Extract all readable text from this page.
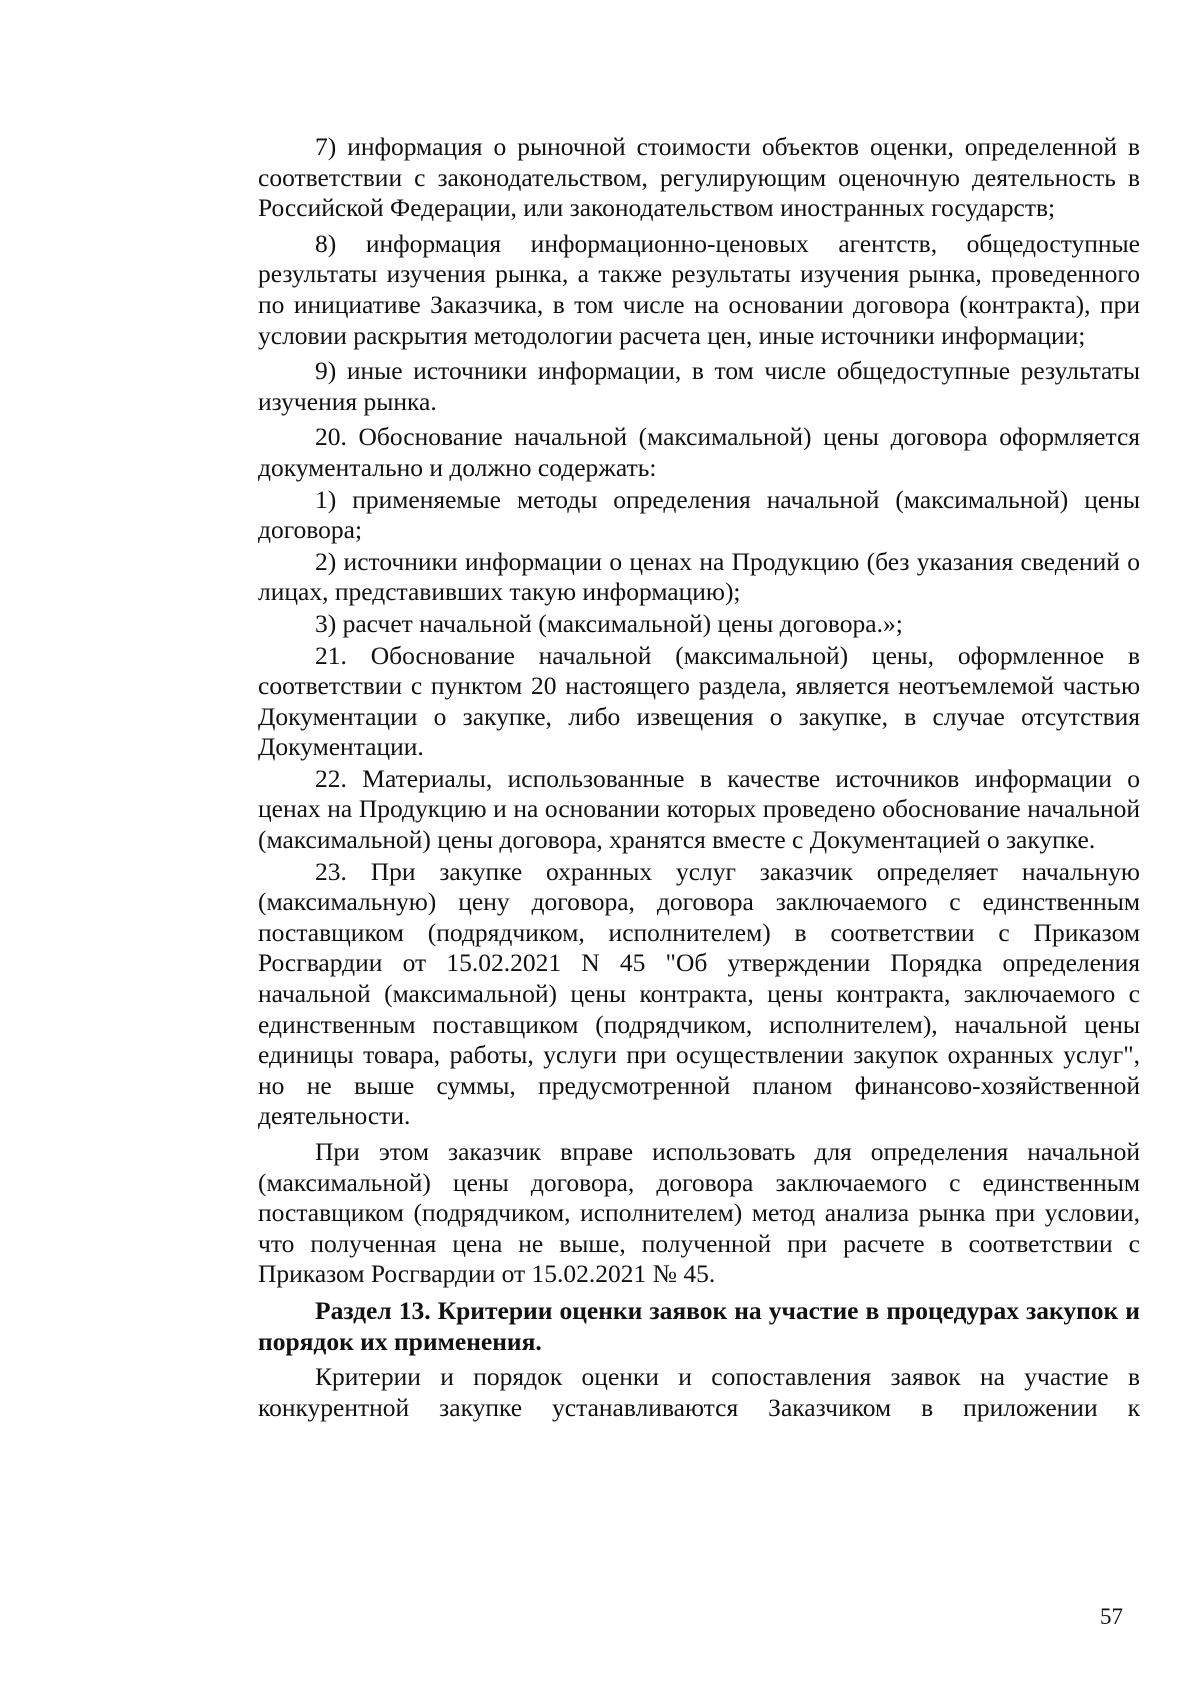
7) информация о рыночной стоимости объектов оценки, определенной в соответствии с законодательством, регулирующим оценочную деятельность в Российской Федерации, или законодательством иностранных государств;

8) информация информационно-ценовых агентств, общедоступные результаты изучения рынка, а также результаты изучения рынка, проведенного по инициативе Заказчика, в том числе на основании договора (контракта), при условии раскрытия методологии расчета цен, иные источники информации;

9) иные источники информации, в том числе общедоступные результаты изучения рынка.

20. Обоснование начальной (максимальной) цены договора оформляется документально и должно содержать:

1) применяемые методы определения начальной (максимальной) цены договора;

2) источники информации о ценах на Продукцию (без указания сведений о лицах, представивших такую информацию);

3) расчет начальной (максимальной) цены договора.»;

21. Обоснование начальной (максимальной) цены, оформленное в соответствии с пунктом 20 настоящего раздела, является неотъемлемой частью Документации о закупке, либо извещения о закупке, в случае отсутствия Документации.

22. Материалы, использованные в качестве источников информации о ценах на Продукцию и на основании которых проведено обоснование начальной (максимальной) цены договора, хранятся вместе с Документацией о закупке.

23. При закупке охранных услуг заказчик определяет начальную (максимальную) цену договора, договора заключаемого с единственным поставщиком (подрядчиком, исполнителем) в соответствии с Приказом Росгвардии от 15.02.2021 N 45 "Об утверждении Порядка определения начальной (максимальной) цены контракта, цены контракта, заключаемого с единственным поставщиком (подрядчиком, исполнителем), начальной цены единицы товара, работы, услуги при осуществлении закупок охранных услуг", но не выше суммы, предусмотренной планом финансово-хозяйственной деятельности.

При этом заказчик вправе использовать для определения начальной (максимальной) цены договора, договора заключаемого с единственным поставщиком (подрядчиком, исполнителем) метод анализа рынка при условии, что полученная цена не выше, полученной при расчете в соответствии с Приказом Росгвардии от 15.02.2021 № 45.

Раздел 13. Критерии оценки заявок на участие в процедурах закупок и порядок их применения.

Критерии и порядок оценки и сопоставления заявок на участие в конкурентной закупке устанавливаются Заказчиком в приложении к

57
